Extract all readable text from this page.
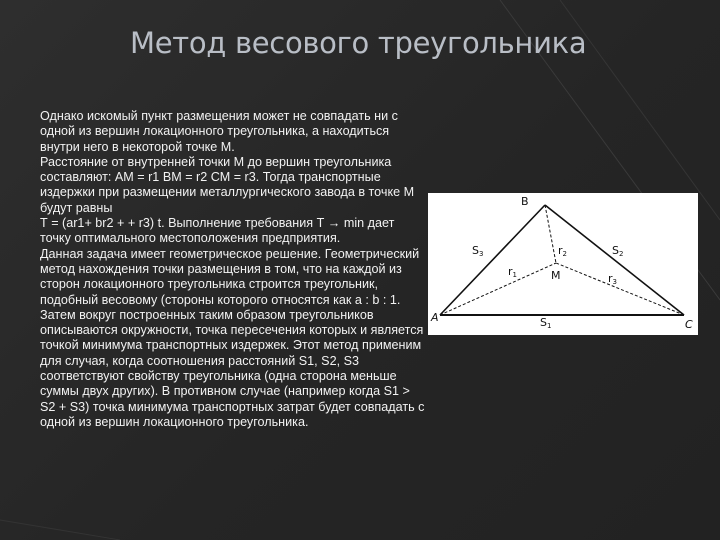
Метод весового треугольника

Однако искомый пункт размещения может не совпадать ни с одной из вершин локационного треугольника, а находиться внутри него в некоторой точке М.

Расстояние от внутренней точки М до вершин треугольника составляют: АМ = r1 ВМ = r2 СМ = r3. Тогда транспортные издержки при размещении металлургического завода в точке М будут равны

Т = (аr1+ br2 + + r3) t. Выполнение требования Т → min дает точку оптимального местоположения предприятия.

Данная задача имеет геометрическое решение. Геометрический метод нахождения точки размещения в том, что на каждой из сторон локационного треугольника строится треугольник, подобный весовому (стороны которого относятся как a : b : 1. Затем вокруг построенных таким образом треугольников описываются окружности, точка пересечения которых и является точкой минимума транспортных издержек. Этот метод применим для случая, когда соотношения расстояний S1, S2, S3 соответствуют свойству треугольника (одна сторона меньше суммы двух других). В противном случае (например когда S1 > S2 + S3) точка минимума транспортных затрат будет совпадать с одной из вершин локационного треугольника.

B
A
C
M
S3	S2
S1
r1
r2
r3
